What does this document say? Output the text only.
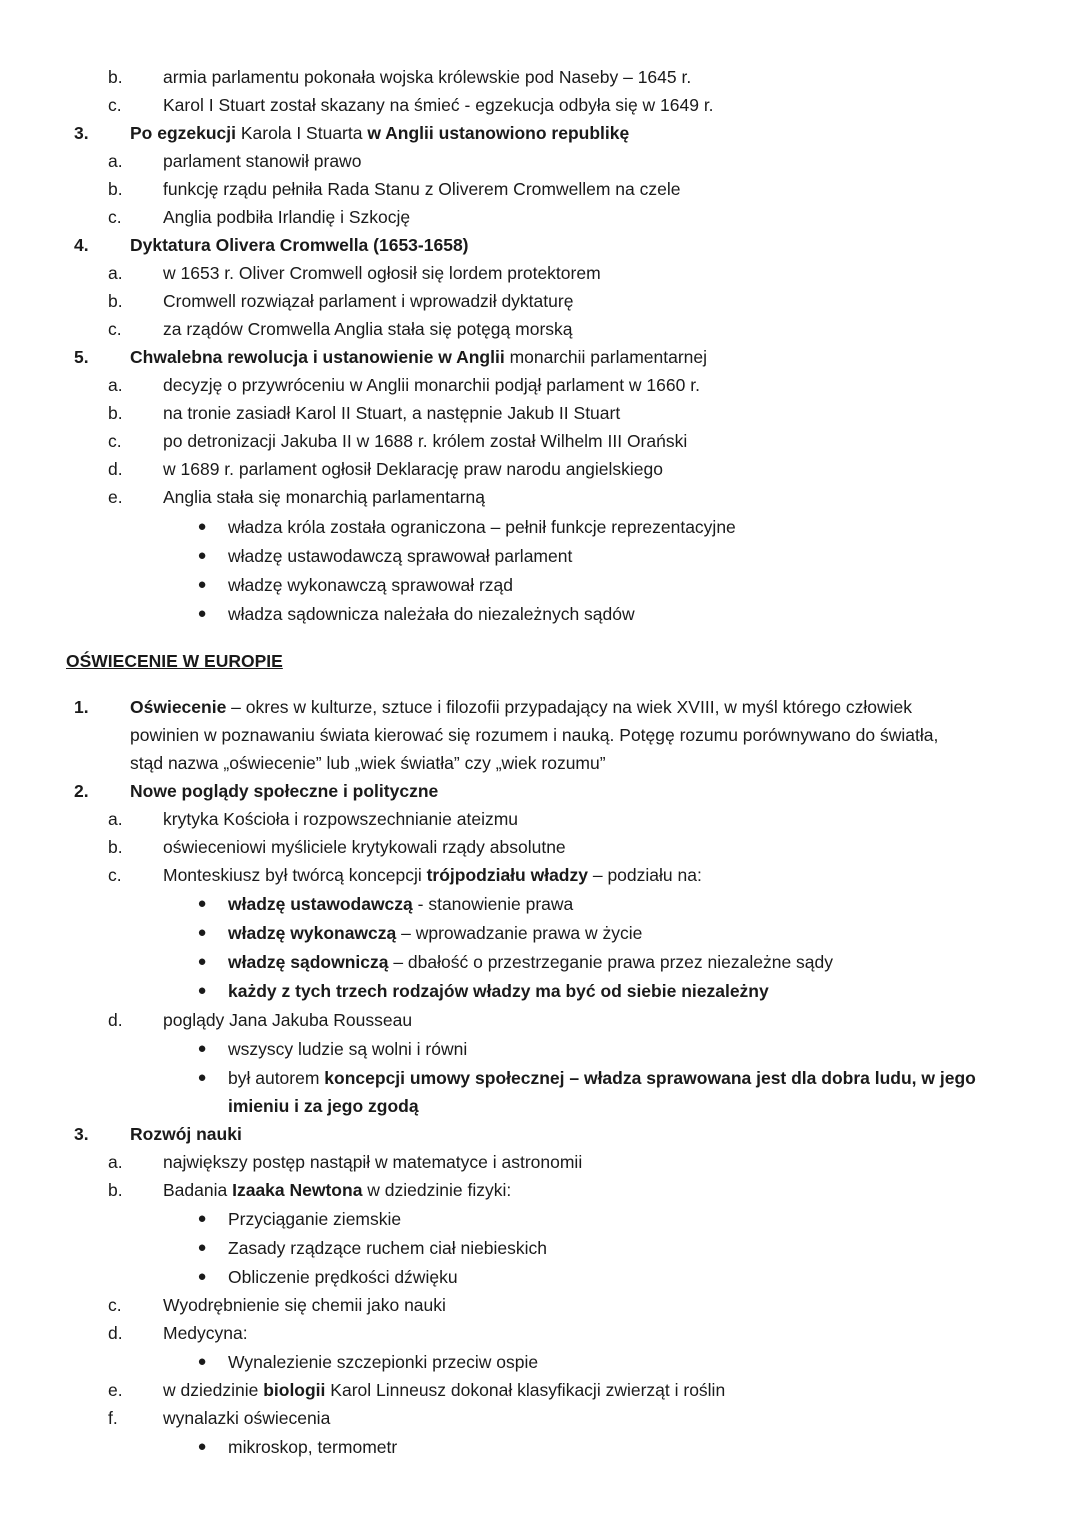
b.	armia parlamentu pokonała wojska królewskie pod Naseby – 1645 r.
c.	Karol I Stuart został skazany na śmieć - egzekucja odbyła się w 1649 r.
3.	Po egzekucji Karola I Stuarta w Anglii ustanowiono republikę
a.	parlament stanowił prawo
b.	funkcję rządu pełniła Rada Stanu z Oliverem Cromwellem na czele
c.	Anglia podbiła Irlandię i Szkocję
4.	Dyktatura Olivera Cromwella (1653-1658)
a.	w 1653 r. Oliver Cromwell ogłosił się lordem protektorem
b.	Cromwell rozwiązał parlament i wprowadził dyktaturę
c.	za rządów Cromwella Anglia stała się potęgą morską
5.	Chwalebna rewolucja i ustanowienie w Anglii monarchii parlamentarnej
a.	decyzję o przywróceniu w Anglii monarchii podjął parlament w 1660 r.
b.	na tronie zasiadł Karol II Stuart, a następnie Jakub II Stuart
c.	po detronizacji Jakuba II w 1688 r. królem został Wilhelm III Orański
d.	w 1689 r. parlament ogłosił Deklarację praw narodu angielskiego
e.	Anglia stała się monarchią parlamentarną
●	władza króla została ograniczona – pełnił funkcje reprezentacyjne
●	władzę ustawodawczą sprawował parlament
●	władzę wykonawczą sprawował rząd
●	władza sądownicza należała do niezależnych sądów
1.	Oświecenie – okres w kulturze, sztuce i filozofii przypadający na wiek XVIII, w myśl którego człowiek
powinien w poznawaniu świata kierować się rozumem i nauką. Potęgę rozumu porównywano do światła,
stąd nazwa „oświecenie” lub „wiek światła” czy „wiek rozumu”
2.	Nowe poglądy społeczne i polityczne
a.	krytyka Kościoła i rozpowszechnianie ateizmu
b.	oświeceniowi myśliciele krytykowali rządy absolutne
c.	Monteskiusz był twórcą koncepcji trójpodziału władzy – podziału na:
●	władzę ustawodawczą - stanowienie prawa
●	władzę wykonawczą – wprowadzanie prawa w życie
●	władzę sądowniczą – dbałość o przestrzeganie prawa przez niezależne sądy
●	każdy z tych trzech rodzajów władzy ma być od siebie niezależny
d.	poglądy Jana Jakuba Rousseau
●	wszyscy ludzie są wolni i równi
●	był autorem koncepcji umowy społecznej – władza sprawowana jest dla dobra ludu, w jego
imieniu i za jego zgodą
3.	Rozwój nauki
a.	największy postęp nastąpił w matematyce i astronomii
b.	Badania Izaaka Newtona w dziedzinie fizyki:
●	Przyciąganie ziemskie
●	Zasady rządzące ruchem ciał niebieskich
●	Obliczenie prędkości dźwięku
c.	Wyodrębnienie się chemii jako nauki
d.	Medycyna:
●	Wynalezienie szczepionki przeciw ospie
e.	w dziedzinie biologii Karol Linneusz dokonał klasyfikacji zwierząt i roślin
f.	wynalazki oświecenia
●	mikroskop, termometr
OŚWIECENIE W EUROPIE
